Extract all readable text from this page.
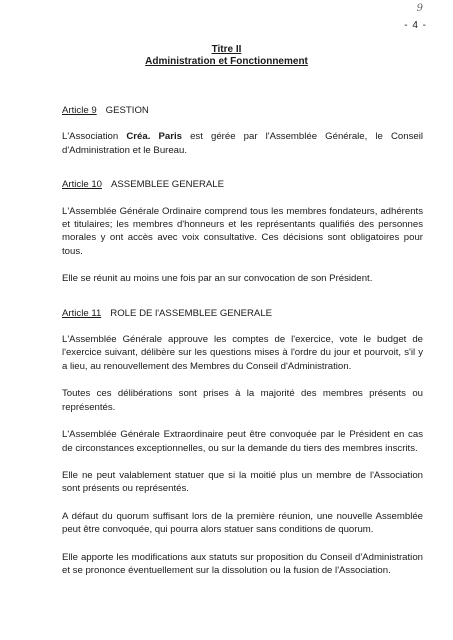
9
- 4 -
Titre II
Administration et Fonctionnement
Article 9 GESTION

L'Association Créa. Paris est gérée par l'Assemblée Générale, le Conseil d'Administration et le Bureau.

Article 10 ASSEMBLEE GENERALE

L'Assemblée Générale Ordinaire comprend tous les membres fondateurs, adhérents et titulaires; les membres d'honneurs et les représentants qualifiés des personnes morales y ont accès avec voix consultative. Ces décisions sont obligatoires pour tous.

Elle se réunit au moins une fois par an sur convocation de son Président.

Article 11 ROLE DE l'ASSEMBLEE GENERALE

L'Assemblée Générale approuve les comptes de l'exercice, vote le budget de l'exercice suivant, délibère sur les questions mises à l'ordre du jour et pourvoit, s'il y a lieu, au renouvellement des Membres du Conseil d'Administration.

Toutes ces délibérations sont prises à la majorité des membres présents ou représentés.

L'Assemblée Générale Extraordinaire peut être convoquée par le Président en cas de circonstances exceptionnelles, ou sur la demande du tiers des membres inscrits.

Elle ne peut valablement statuer que si la moitié plus un membre de l'Association sont présents ou représentés.

A défaut du quorum suffisant lors de la première réunion, une nouvelle Assemblée peut être convoquée, qui pourra alors statuer sans conditions de quorum.

Elle apporte les modifications aux statuts sur proposition du Conseil d'Administration et se prononce éventuellement sur la dissolution ou la fusion de l'Association.
